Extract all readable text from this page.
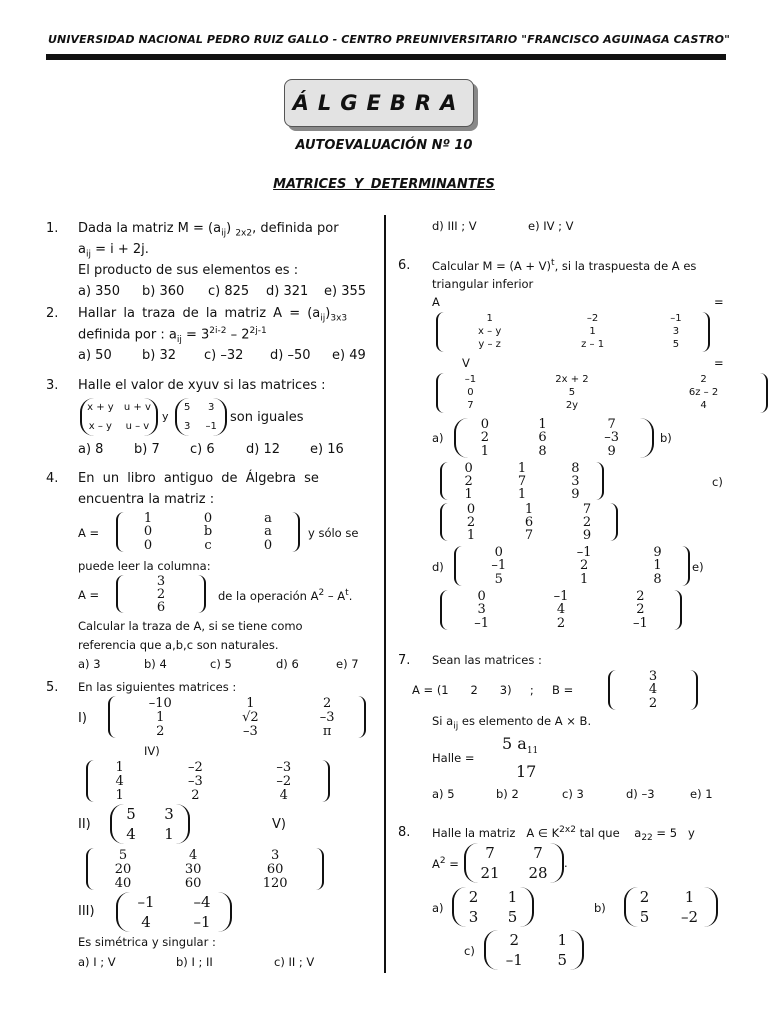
UNIVERSIDAD NACIONAL PEDRO RUIZ GALLO - CENTRO PREUNIVERSITARIO "FRANCISCO AGUINAGA CASTRO"
ÁLGEBRA
AUTOEVALUACIÓN Nº 10
MATRICES Y DETERMINANTES
1. Dada la matriz $M = (a_{ij})$ $_{2x2}$, definida por
$a_{ij} = i + 2j$.
El producto de sus elementos es :
a) 350 b) 360 c) 825 d) 321 e) 355
2. Hallar la traza de la matriz $A = (a_{ij})_{3x3}$
definida por : $a_{ij} = 3^{2i-2} - 2^{2j-1}$
a) 50 b) 32 c) –32 d) –50 e) 49
3. Halle el valor de xyuv si las matrices :
x + y	u + v
x – y	u – v
y
5	3
3	–1
son iguales
a) 8 b) 7 c) 6 d) 12 e) 16
4. En un libro antiguo de Álgebra se
encuentra la matriz :
A =
1	0	a
0	b	a
0	c	0
y sólo se
puede leer la columna:
A =
3
2
6
de la operación $A^2 - A^t$.
Calcular la traza de A, si se tiene como
referencia que a,b,c son naturales.
a) 3	b) 4	c) 5	d) 6	e) 7
5. En las siguientes matrices :
I)
–10	1	2
1	√2	–3
2	–3	π
IV)
1	–2	–3
4	–3	–2
1	2	4
II)
5	3
4	1	V)
5	4	3
20	30	60
40	60	120
III)
–1	–4
4	–1
Es simétrica y singular :
a) I ; V	b) I ; II	c) II ; V
d) III ; V	e) IV ; V
6. Calcular $M = (A + V)^t$, si la traspuesta de A es
triangular inferior
A	=
1	–2	–1
x – y	1	3
y – z	z – 1	5
V	=
–1	2x + 2	2
0	5	6z – 2
7	2y	4
a)
0	1	7
2	6	–3
1	8	9
b)
0	1	8
2	7	3
1	1	9
c)
0	1	7
2	6	2
1	7	9
d)
0	–1	9
–1	2	1
5	1	8
e)
0	–1	2
3	4	2
–1	2	–1
7. Sean las matrices :
A = (1      2      3)     ;     B =
3
4
2
Si $a_{ij}$ es elemento de A × B.
Halle =
5 $a_{11}$
17
a) 5	b) 2	c) 3	d) –3	e) 1
8. Halle la matriz   A ∈ $K^{2x2}$ tal que    $a_{22} = 5$   y
$A^2$ =
7	7
21	28
.
a)
2	1
3	5	b)
2	1
5	–2
c)
2	1
–1	5
